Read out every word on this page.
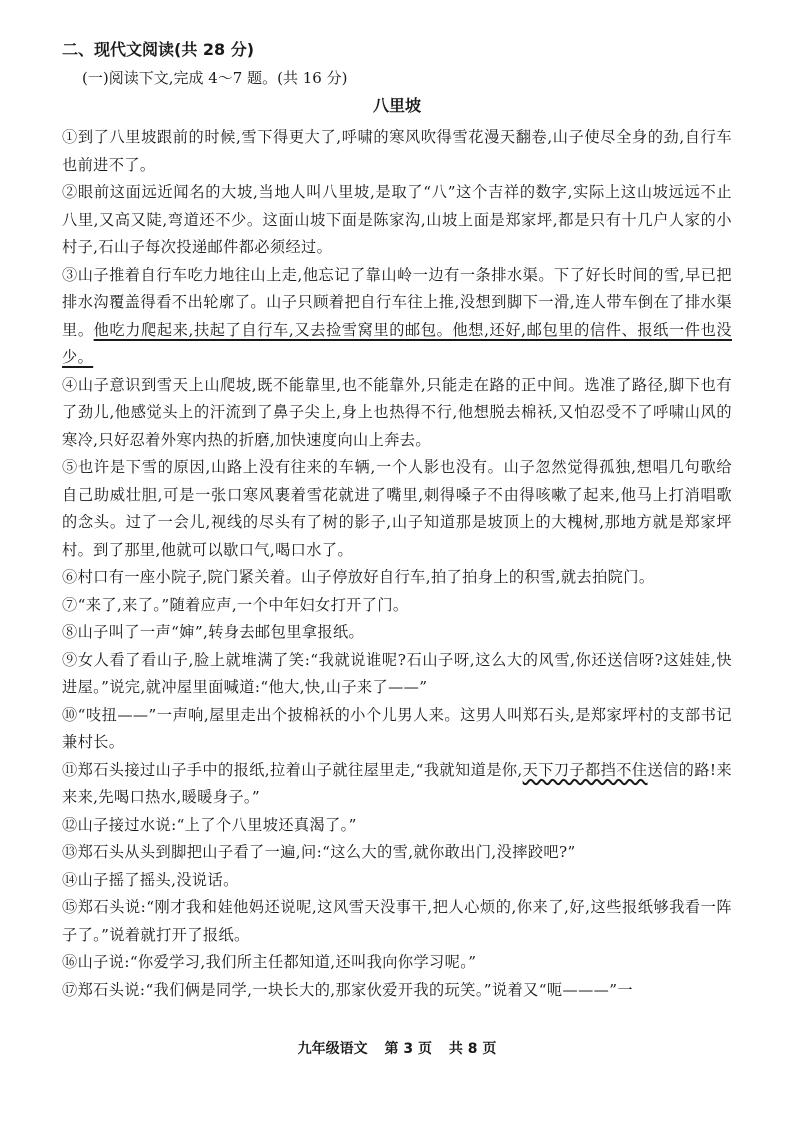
二、现代文阅读(共 28 分)
(一)阅读下文,完成 4～7 题。(共 16 分)
八里坡

①到了八里坡跟前的时候,雪下得更大了,呼啸的寒风吹得雪花漫天翻卷,山子使尽全身的劲,自行车也前进不了。

②眼前这面远近闻名的大坡,当地人叫八里坡,是取了“八”这个吉祥的数字,实际上这山坡远远不止八里,又高又陡,弯道还不少。这面山坡下面是陈家沟,山坡上面是郑家坪,都是只有十几户人家的小村子,石山子每次投递邮件都必须经过。

③山子推着自行车吃力地往山上走,他忘记了靠山岭一边有一条排水渠。下了好长时间的雪,早已把排水沟覆盖得看不出轮廓了。山子只顾着把自行车往上推,没想到脚下一滑,连人带车倒在了排水渠里。他吃力爬起来,扶起了自行车,又去捡雪窝里的邮包。他想,还好,邮包里的信件、报纸一件也没少。

④山子意识到雪天上山爬坡,既不能靠里,也不能靠外,只能走在路的正中间。选准了路径,脚下也有了劲儿,他感觉头上的汗流到了鼻子尖上,身上也热得不行,他想脱去棉袄,又怕忍受不了呼啸山风的寒冷,只好忍着外寒内热的折磨,加快速度向山上奔去。

⑤也许是下雪的原因,山路上没有往来的车辆,一个人影也没有。山子忽然觉得孤独,想唱几句歌给自己助威壮胆,可是一张口寒风裹着雪花就进了嘴里,刺得嗓子不由得咳嗽了起来,他马上打消唱歌的念头。过了一会儿,视线的尽头有了树的影子,山子知道那是坡顶上的大槐树,那地方就是郑家坪村。到了那里,他就可以歇口气,喝口水了。

⑥村口有一座小院子,院门紧关着。山子停放好自行车,拍了拍身上的积雪,就去拍院门。

⑦“来了,来了。”随着应声,一个中年妇女打开了门。

⑧山子叫了一声“婶”,转身去邮包里拿报纸。

⑨女人看了看山子,脸上就堆满了笑:“我就说谁呢?石山子呀,这么大的风雪,你还送信呀?这娃娃,快进屋。”说完,就冲屋里面喊道:“他大,快,山子来了——”

⑩“吱扭——”一声响,屋里走出个披棉袄的小个儿男人来。这男人叫郑石头,是郑家坪村的支部书记兼村长。

⑪郑石头接过山子手中的报纸,拉着山子就往屋里走,“我就知道是你,天下刀子都挡不住送信的路!来来来,先喝口热水,暖暖身子。”

⑫山子接过水说:“上了个八里坡还真渴了。”

⑬郑石头从头到脚把山子看了一遍,问:“这么大的雪,就你敢出门,没摔跤吧?”

⑭山子摇了摇头,没说话。

⑮郑石头说:“刚才我和娃他妈还说呢,这风雪天没事干,把人心烦的,你来了,好,这些报纸够我看一阵子了。”说着就打开了报纸。

⑯山子说:“你爱学习,我们所主任都知道,还叫我向你学习呢。”

⑰郑石头说:“我们俩是同学,一块长大的,那家伙爱开我的玩笑。”说着又“呃———”一

九年级语文 第 3 页 共 8 页
